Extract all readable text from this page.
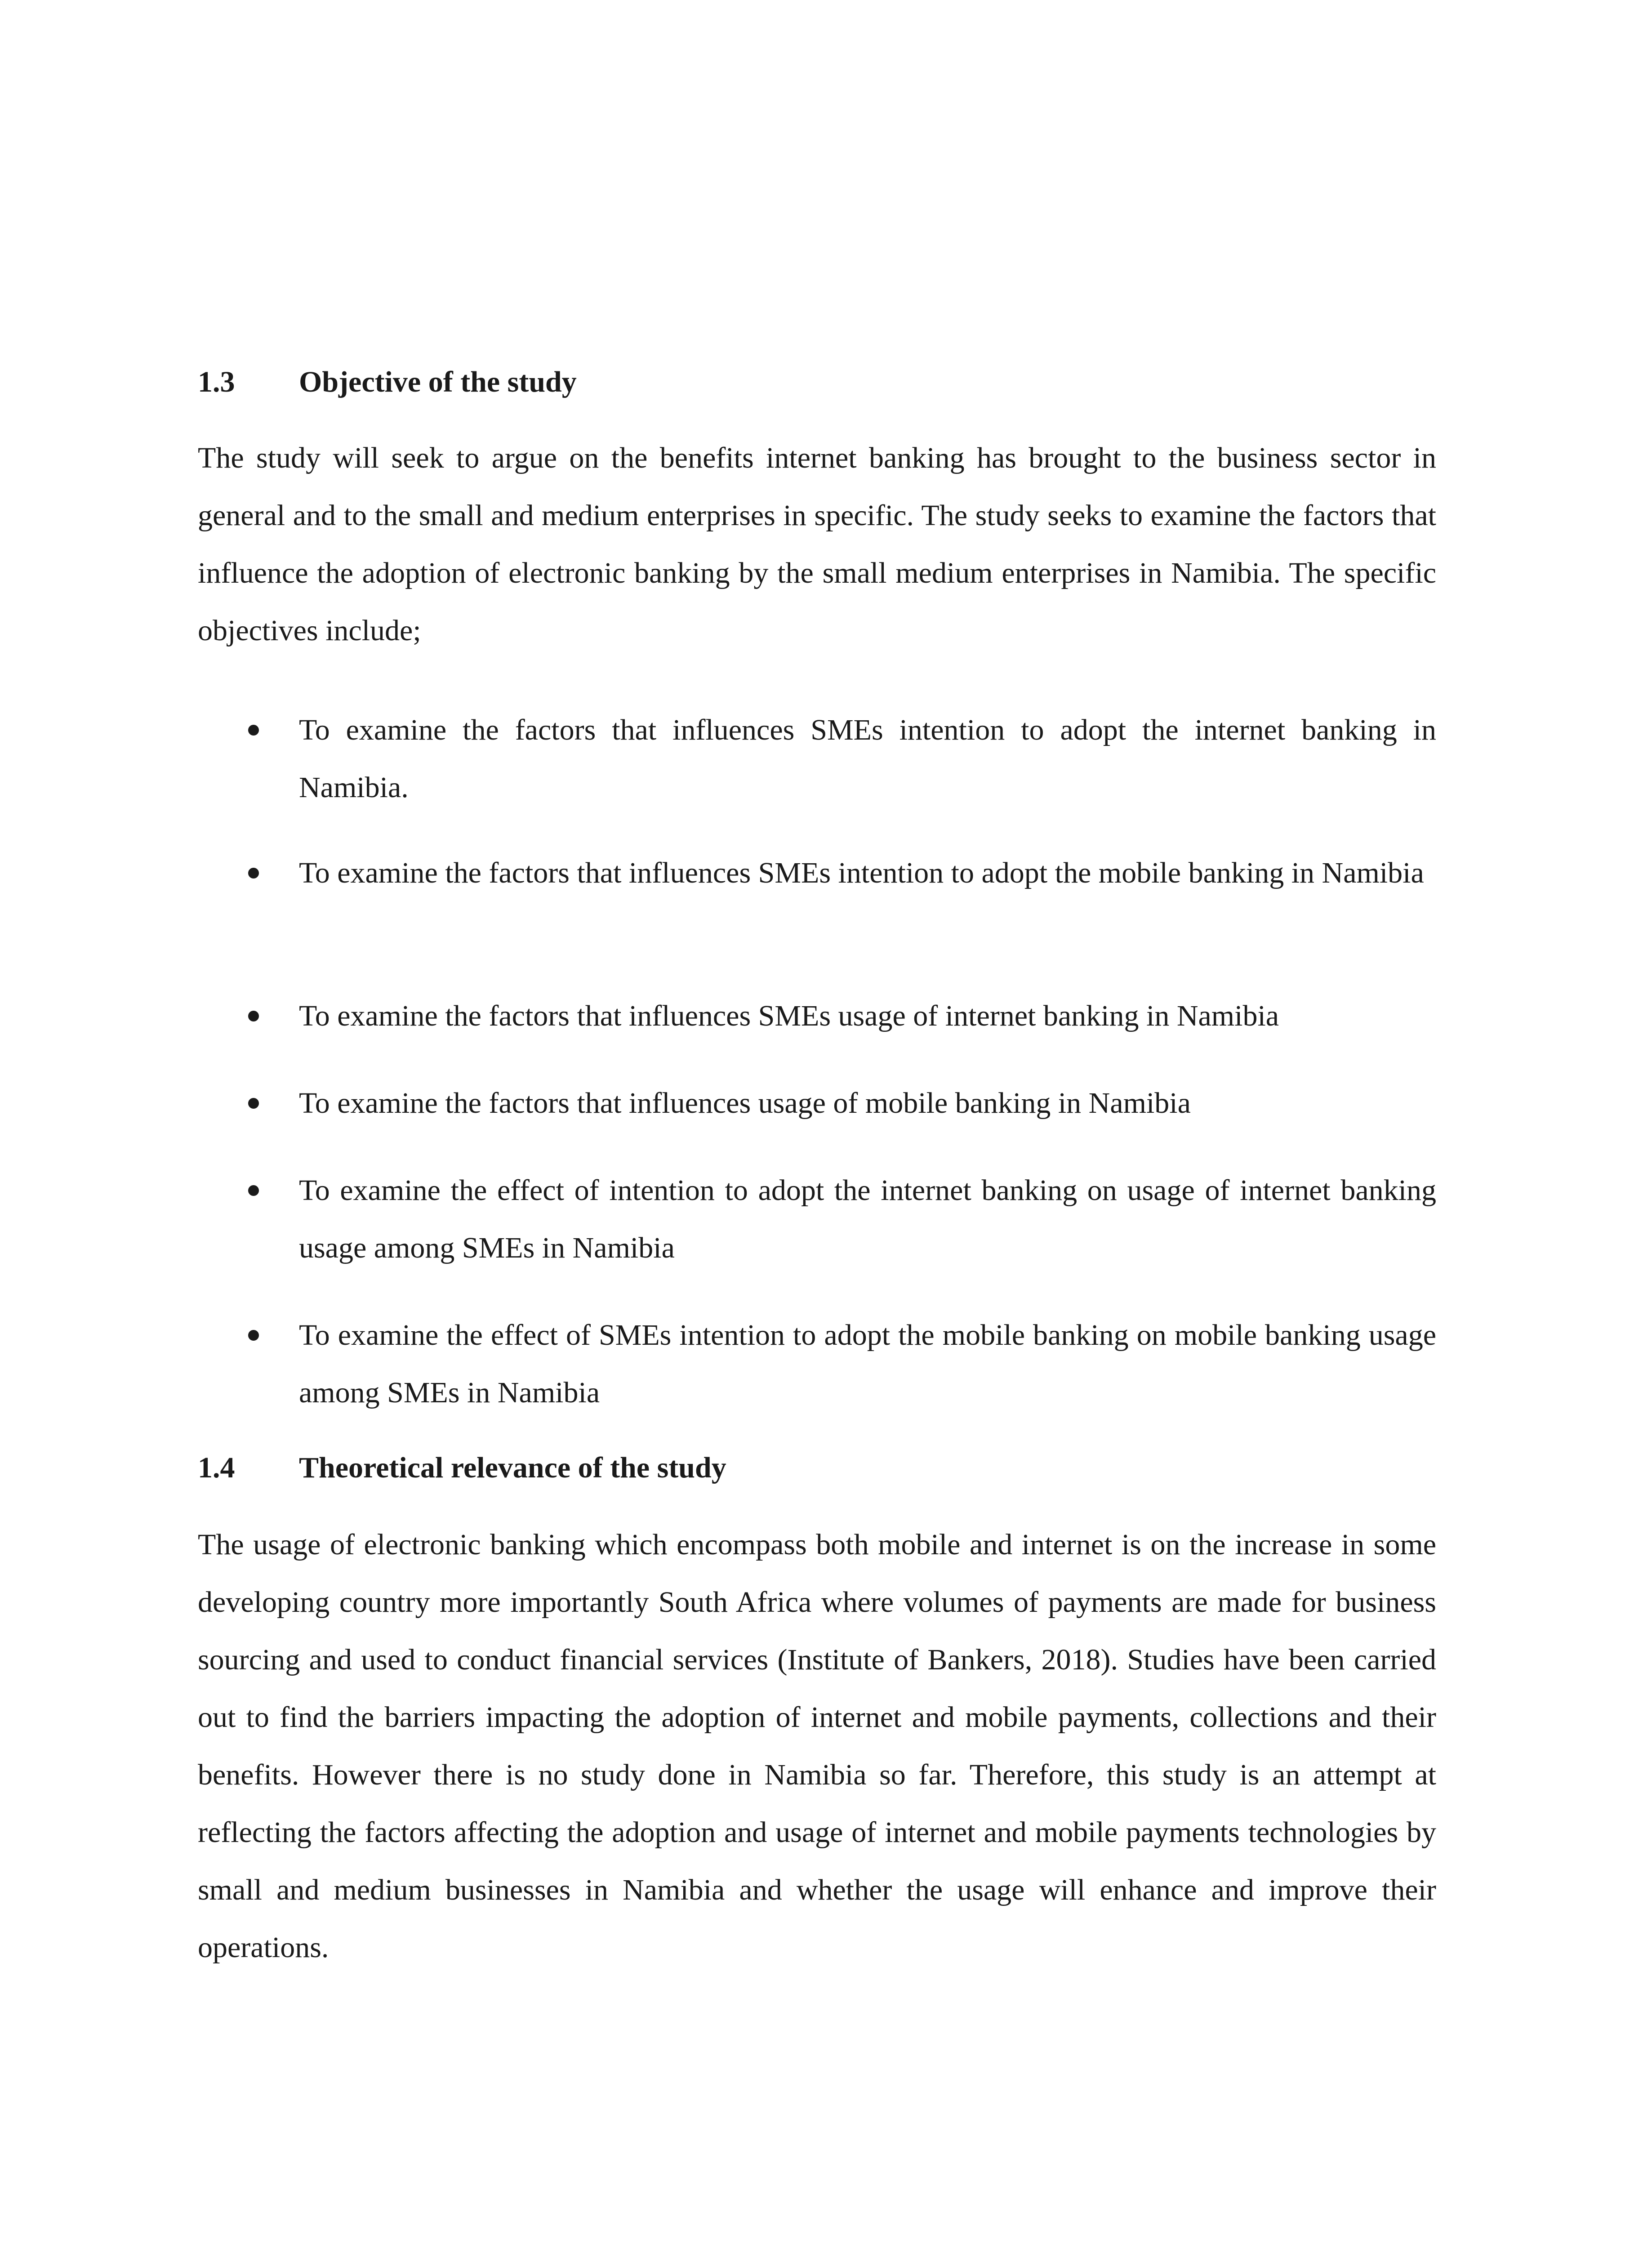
1.3 Objective of the study

The study will seek to argue on the benefits internet banking has brought to the business sector in general and to the small and medium enterprises in specific. The study seeks to examine the factors that influence the adoption of electronic banking by the small medium enterprises in Namibia. The specific objectives include;

To examine the factors that influences SMEs intention to adopt the internet banking in Namibia.

To examine the factors that influences SMEs intention to adopt the mobile banking in Namibia

To examine the factors that influences SMEs usage of internet banking in Namibia

To examine the factors that influences usage of mobile banking in Namibia

To examine the effect of intention to adopt the internet banking on usage of internet banking usage among SMEs in Namibia

To examine the effect of SMEs intention to adopt the mobile banking on mobile banking usage among SMEs in Namibia

1.4 Theoretical relevance of the study

The usage of electronic banking which encompass both mobile and internet is on the increase in some developing country more importantly South Africa where volumes of payments are made for business sourcing and used to conduct financial services (Institute of Bankers, 2018). Studies have been carried out to find the barriers impacting the adoption of internet and mobile payments, collections and their benefits. However there is no study done in Namibia so far. Therefore, this study is an attempt at reflecting the factors affecting the adoption and usage of internet and mobile payments technologies by small and medium businesses in Namibia and whether the usage will enhance and improve their operations.
